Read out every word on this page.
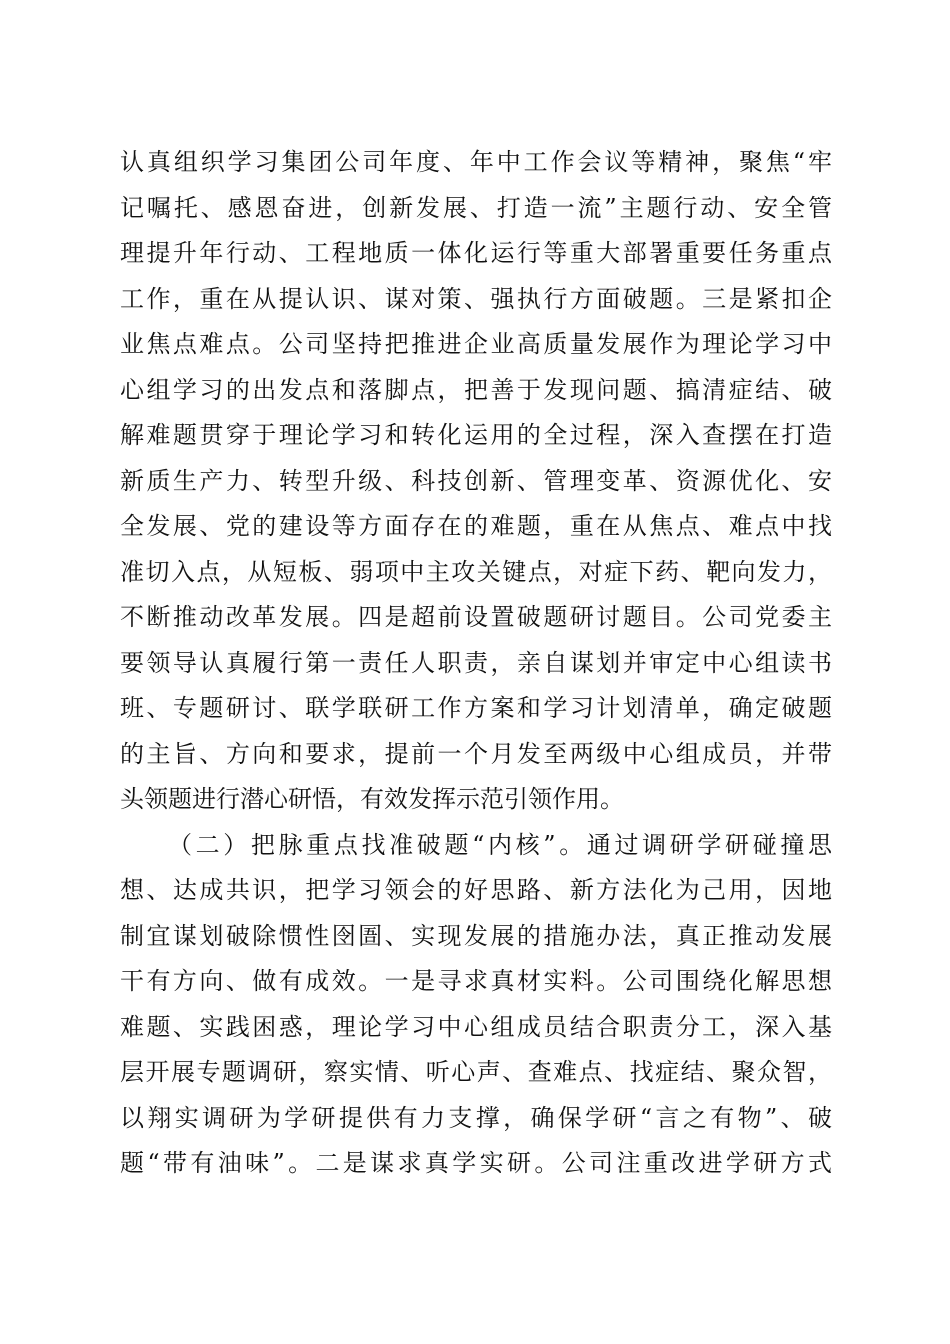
认真组织学习集团公司年度、年中工作会议等精神，聚焦“牢
记嘱托、感恩奋进，创新发展、打造一流”主题行动、安全管
理提升年行动、工程地质一体化运行等重大部署重要任务重点
工作，重在从提认识、谋对策、强执行方面破题。三是紧扣企
业焦点难点。公司坚持把推进企业高质量发展作为理论学习中
心组学习的出发点和落脚点，把善于发现问题、搞清症结、破
解难题贯穿于理论学习和转化运用的全过程，深入查摆在打造
新质生产力、转型升级、科技创新、管理变革、资源优化、安
全发展、党的建设等方面存在的难题，重在从焦点、难点中找
准切入点，从短板、弱项中主攻关键点，对症下药、靶向发力，
不断推动改革发展。四是超前设置破题研讨题目。公司党委主
要领导认真履行第一责任人职责，亲自谋划并审定中心组读书
班、专题研讨、联学联研工作方案和学习计划清单，确定破题
的主旨、方向和要求，提前一个月发至两级中心组成员，并带
头领题进行潜心研悟，有效发挥示范引领作用。
（二）把脉重点找准破题“内核”。通过调研学研碰撞思
想、达成共识，把学习领会的好思路、新方法化为己用，因地
制宜谋划破除惯性囹圄、实现发展的措施办法，真正推动发展
干有方向、做有成效。一是寻求真材实料。公司围绕化解思想
难题、实践困惑，理论学习中心组成员结合职责分工，深入基
层开展专题调研，察实情、听心声、查难点、找症结、聚众智，
以翔实调研为学研提供有力支撑，确保学研“言之有物”、破
题“带有油味”。二是谋求真学实研。公司注重改进学研方式
